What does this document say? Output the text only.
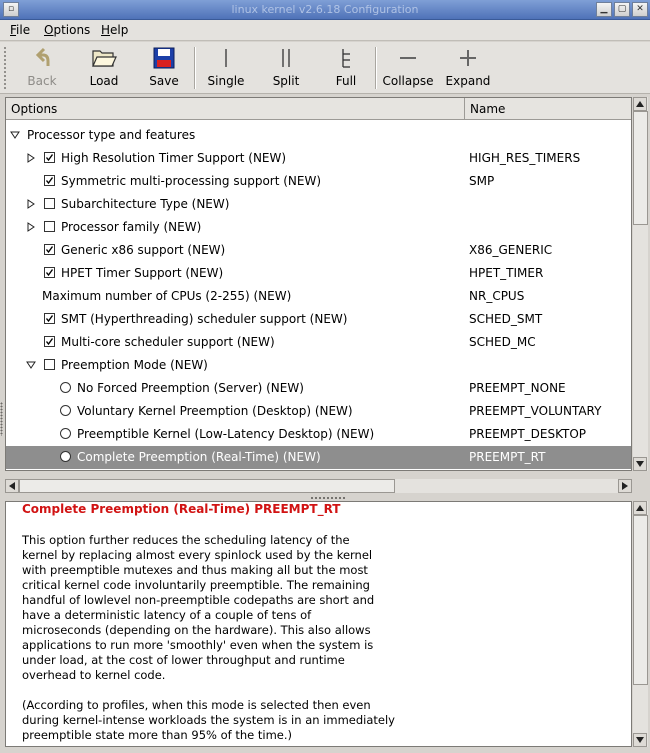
▫	linux kernel v2.6.18 Configuration	▁	▢	✕
File Options Help
Back	Load	Save	Single	Split	Full	Collapse Expand
Options	Name
Processor type and features
High Resolution Timer Support (NEW)	HIGH_RES_TIMERS
Symmetric multi-processing support (NEW)	SMP
Subarchitecture Type (NEW)
Processor family (NEW)
Generic x86 support (NEW)	X86_GENERIC
HPET Timer Support (NEW)	HPET_TIMER
Maximum number of CPUs (2-255) (NEW)	NR_CPUS
SMT (Hyperthreading) scheduler support (NEW)	SCHED_SMT
Multi-core scheduler support (NEW)	SCHED_MC
Preemption Mode (NEW)
No Forced Preemption (Server) (NEW)	PREEMPT_NONE
Voluntary Kernel Preemption (Desktop) (NEW)	PREEMPT_VOLUNTARY
Preemptible Kernel (Low-Latency Desktop) (NEW)	PREEMPT_DESKTOP
Complete Preemption (Real-Time) (NEW)	PREEMPT_RT
Complete Preemption (Real-Time) PREEMPT_RT
This option further reduces the scheduling latency of the
kernel by replacing almost every spinlock used by the kernel
with preemptible mutexes and thus making all but the most
critical kernel code involuntarily preemptible. The remaining
handful of lowlevel non-preemptible codepaths are short and
have a deterministic latency of a couple of tens of
microseconds (depending on the hardware). This also allows
applications to run more 'smoothly' even when the system is
under load, at the cost of lower throughput and runtime
overhead to kernel code.

(According to profiles, when this mode is selected then even
during kernel-intense workloads the system is in an immediately
preemptible state more than 95% of the time.)
